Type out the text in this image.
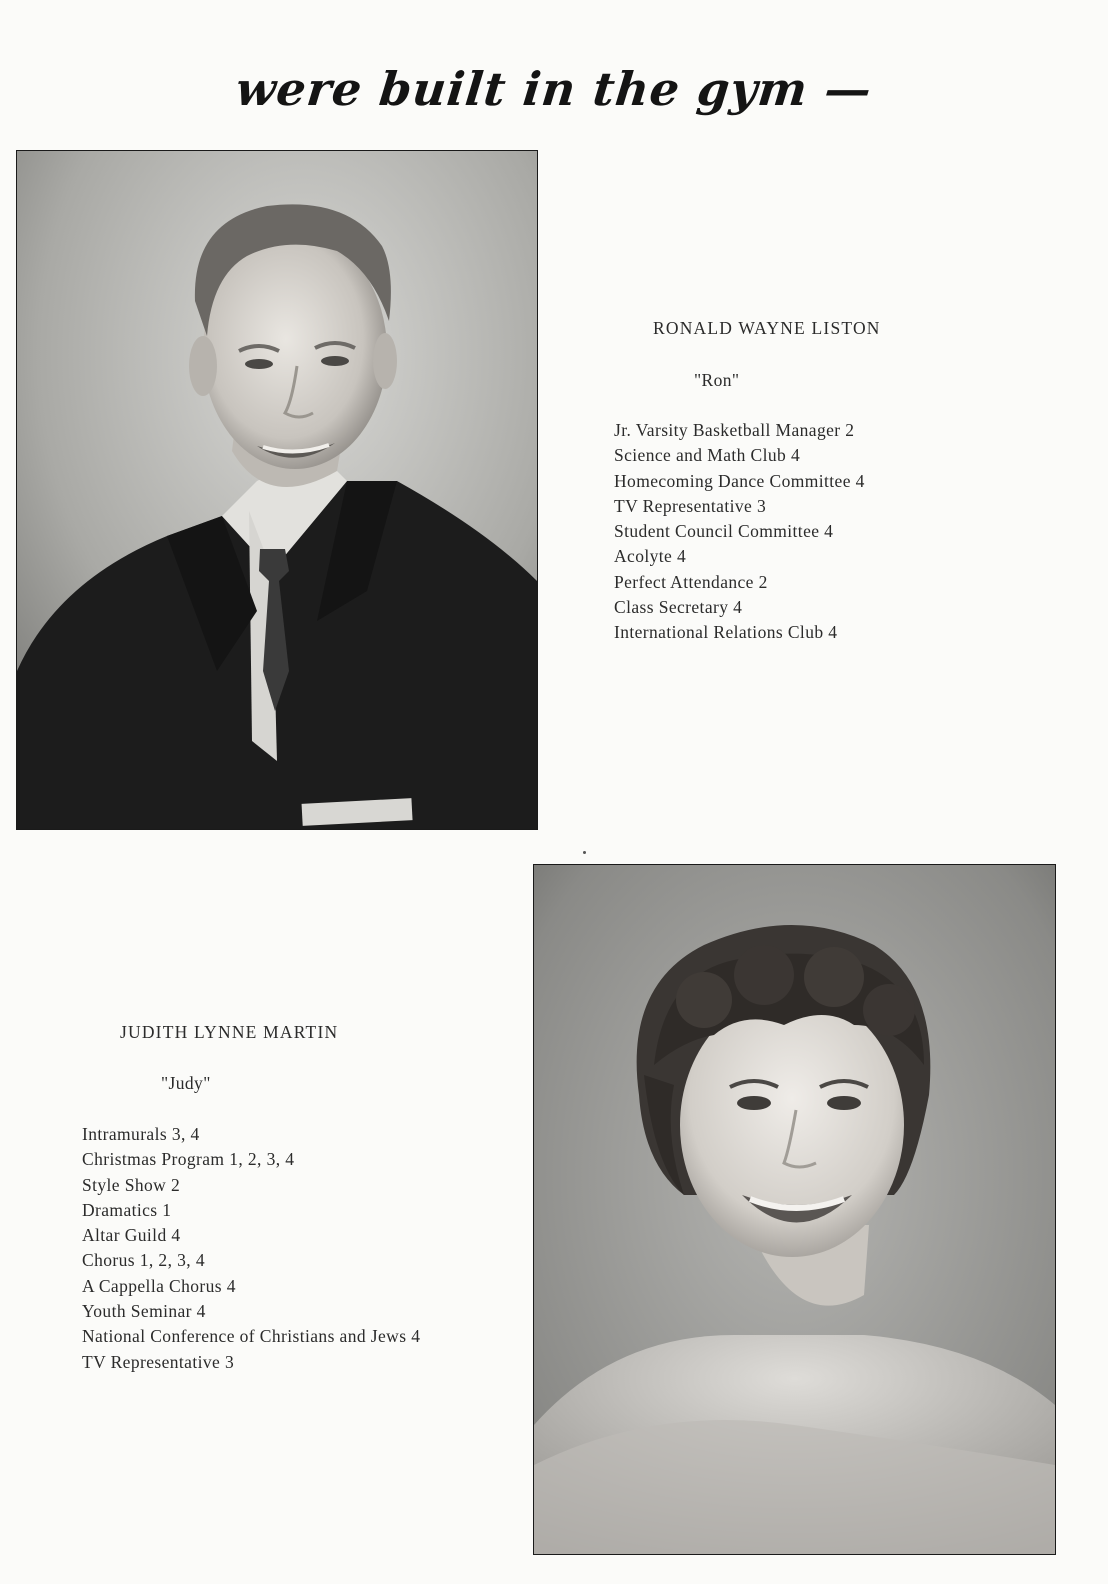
were built in the gym —
RONALD WAYNE LISTON
"Ron"
Jr. Varsity Basketball Manager 2
Science and Math Club 4
Homecoming Dance Committee 4
TV Representative 3
Student Council Committee 4
Acolyte 4
Perfect Attendance 2
Class Secretary 4
International Relations Club 4
JUDITH LYNNE MARTIN
"Judy"
Intramurals 3, 4
Christmas Program 1, 2, 3, 4
Style Show 2
Dramatics 1
Altar Guild 4
Chorus 1, 2, 3, 4
A Cappella Chorus 4
Youth Seminar 4
National Conference of Christians and Jews 4
TV Representative 3
